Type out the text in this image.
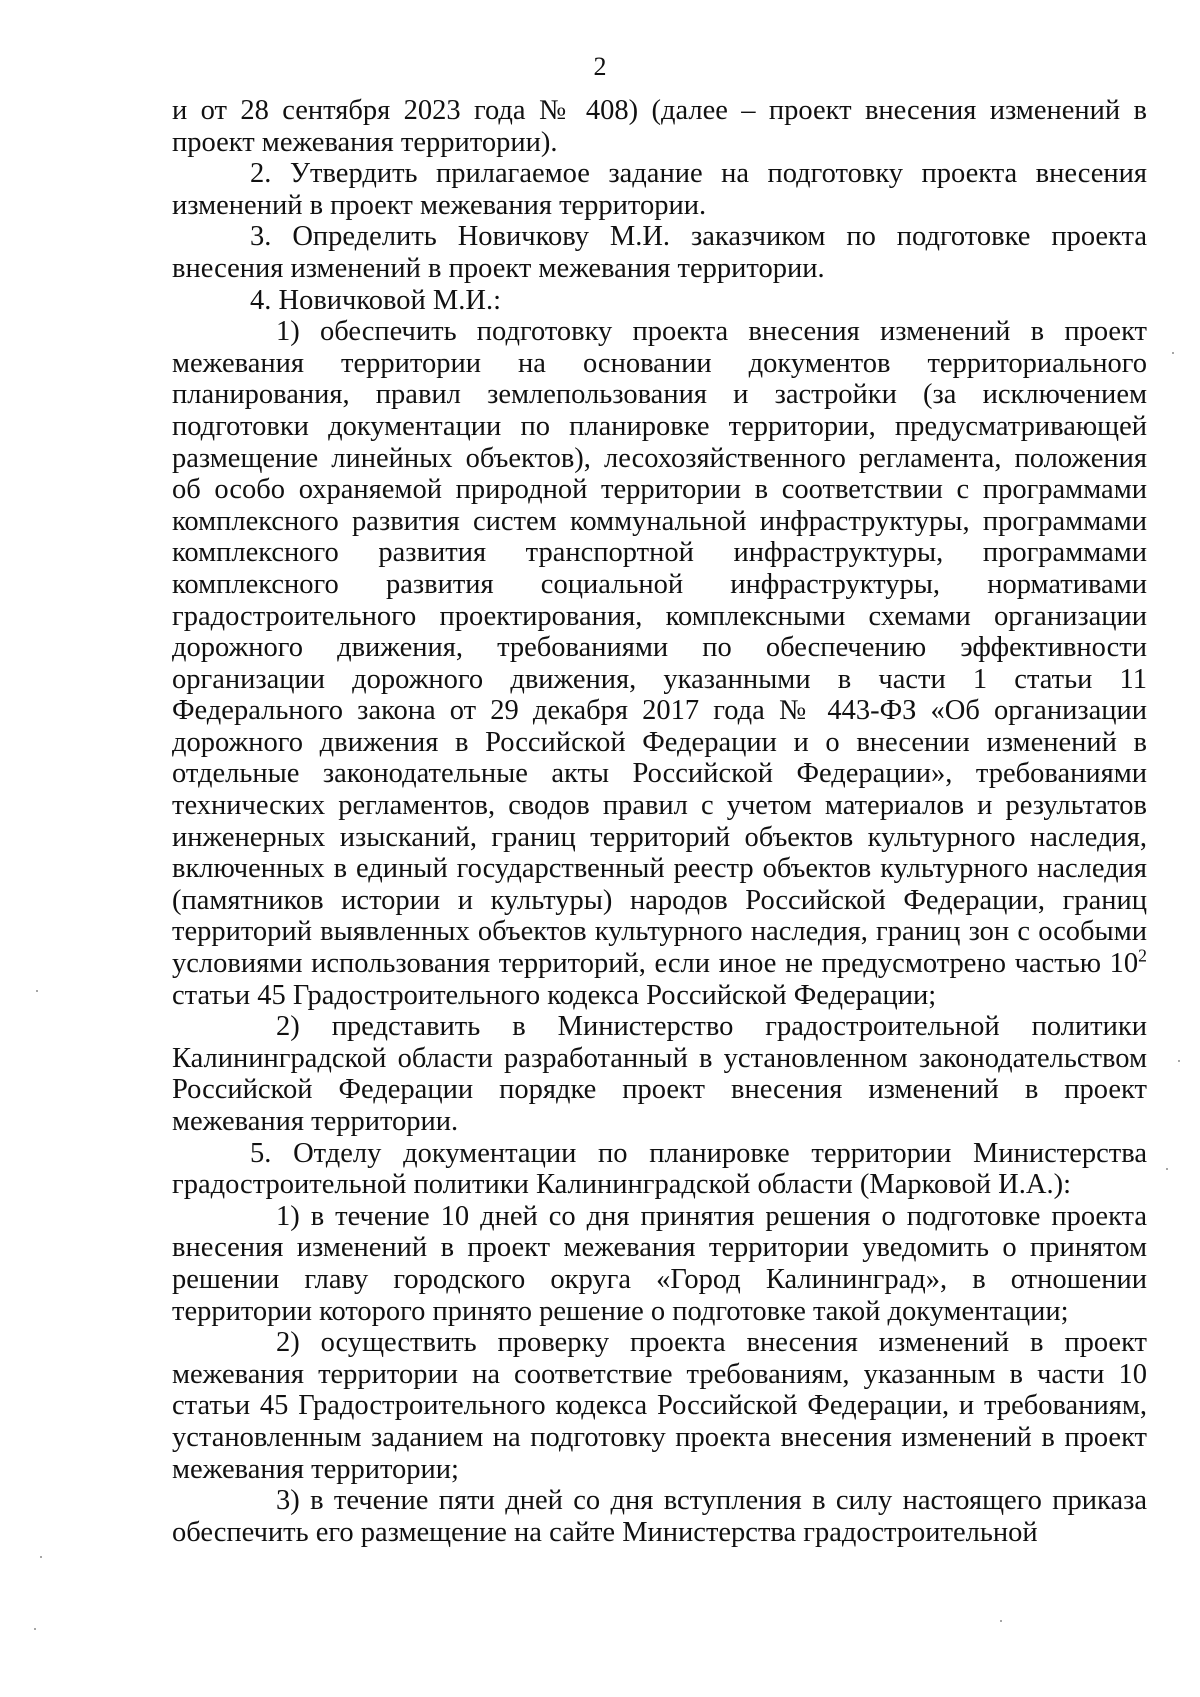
2

и от 28 сентября 2023 года № 408) (далее – проект внесения изменений в проект межевания территории).

2. Утвердить прилагаемое задание на подготовку проекта внесения изменений в проект межевания территории.

3. Определить Новичкову М.И. заказчиком по подготовке проекта внесения изменений в проект межевания территории.

4. Новичковой М.И.:

1) обеспечить подготовку проекта внесения изменений в проект межевания территории на основании документов территориального планирования, правил землепользования и застройки (за исключением подготовки документации по планировке территории, предусматривающей размещение линейных объектов), лесохозяйственного регламента, положения об особо охраняемой природной территории в соответствии с программами комплексного развития систем коммунальной инфраструктуры, программами комплексного развития транспортной инфраструктуры, программами комплексного развития социальной инфраструктуры, нормативами градостроительного проектирования, комплексными схемами организации дорожного движения, требованиями по обеспечению эффективности организации дорожного движения, указанными в части 1 статьи 11 Федерального закона от 29 декабря 2017 года № 443-ФЗ «Об организации дорожного движения в Российской Федерации и о внесении изменений в отдельные законодательные акты Российской Федерации», требованиями технических регламентов, сводов правил с учетом материалов и результатов инженерных изысканий, границ территорий объектов культурного наследия, включенных в единый государственный реестр объектов культурного наследия (памятников истории и культуры) народов Российской Федерации, границ территорий выявленных объектов культурного наследия, границ зон с особыми условиями использования территорий, если иное не предусмотрено частью $10^2$ статьи 45 Градостроительного кодекса Российской Федерации;

2) представить в Министерство градостроительной политики Калининградской области разработанный в установленном законодательством Российской Федерации порядке проект внесения изменений в проект межевания территории.

5. Отделу документации по планировке территории Министерства градостроительной политики Калининградской области (Марковой И.А.):

1) в течение 10 дней со дня принятия решения о подготовке проекта внесения изменений в проект межевания территории уведомить о принятом решении главу городского округа «Город Калининград», в отношении территории которого принято решение о подготовке такой документации;

2) осуществить проверку проекта внесения изменений в проект межевания территории на соответствие требованиям, указанным в части 10 статьи 45 Градостроительного кодекса Российской Федерации, и требованиям, установленным заданием на подготовку проекта внесения изменений в проект межевания территории;

3) в течение пяти дней со дня вступления в силу настоящего приказа обеспечить его размещение на сайте Министерства градостроительной
